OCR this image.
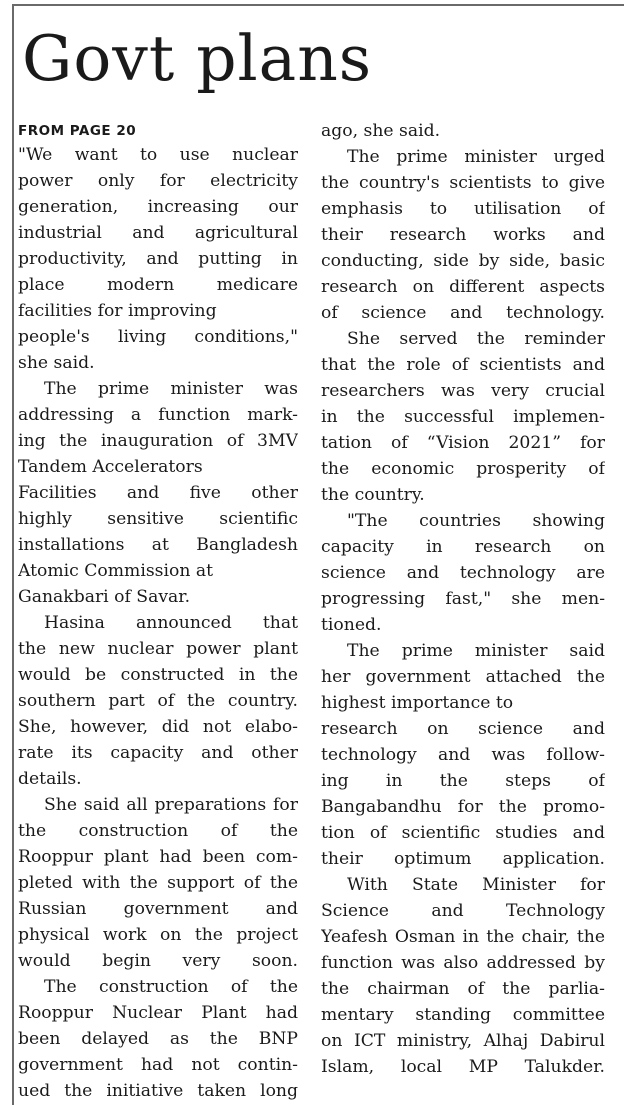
Govt plans
FROM PAGE 20
"We want to use nuclear
power only for electricity
generation, increasing our
industrial and agricultural
productivity, and putting in
place modern medicare
facilities for improving
people's living conditions,"
she said.
The prime minister was
addressing a function mark-
ing the inauguration of 3MV
Tandem Accelerators
Facilities and five other
highly sensitive scientific
installations at Bangladesh
Atomic Commission at
Ganakbari of Savar.
Hasina announced that
the new nuclear power plant
would be constructed in the
southern part of the country.
She, however, did not elabo-
rate its capacity and other
details.
She said all preparations for
the construction of the
Rooppur plant had been com-
pleted with the support of the
Russian government and
physical work on the project
would begin very soon.
The construction of the
Rooppur Nuclear Plant had
been delayed as the BNP
government had not contin-
ued the initiative taken long
ago, she said.
The prime minister urged
the country's scientists to give
emphasis to utilisation of
their research works and
conducting, side by side, basic
research on different aspects
of science and technology.
She served the reminder
that the role of scientists and
researchers was very crucial
in the successful implemen-
tation of “Vision 2021” for
the economic prosperity of
the country.
"The countries showing
capacity in research on
science and technology are
progressing fast," she men-
tioned.
The prime minister said
her government attached the
highest importance to
research on science and
technology and was follow-
ing in the steps of
Bangabandhu for the promo-
tion of scientific studies and
their optimum application.
With State Minister for
Science and Technology
Yeafesh Osman in the chair, the
function was also addressed by
the chairman of the parlia-
mentary standing committee
on ICT ministry, Alhaj Dabirul
Islam, local MP Talukder.
